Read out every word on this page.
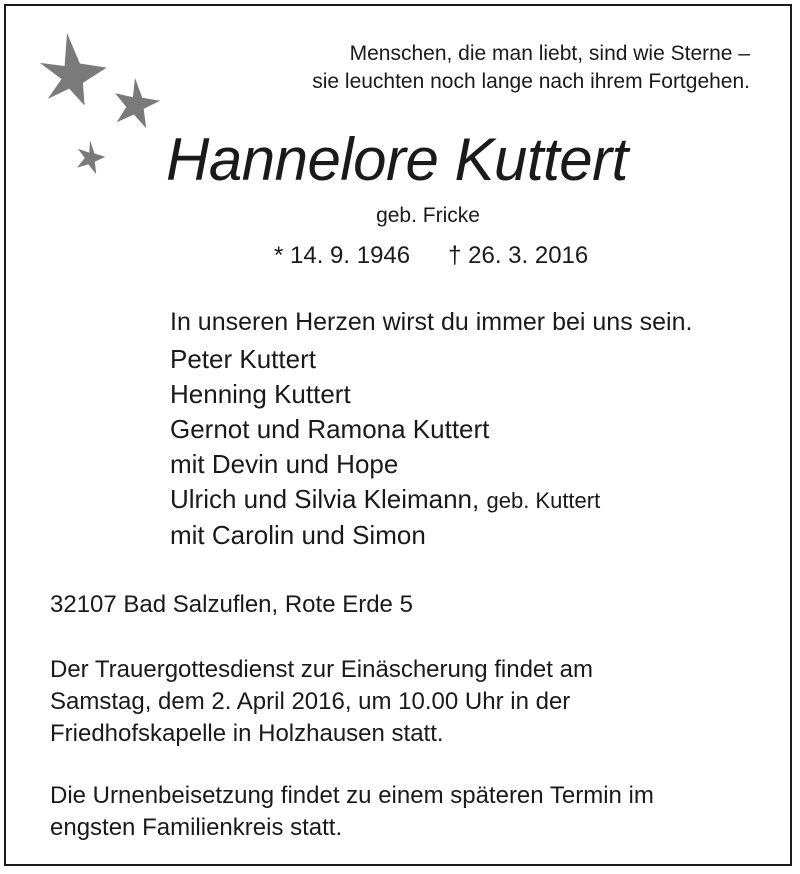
Menschen, die man liebt, sind wie Sterne –
sie leuchten noch lange nach ihrem Fortgehen.
Hannelore Kuttert
geb. Fricke
* 14. 9. 1946 † 26. 3. 2016
In unseren Herzen wirst du immer bei uns sein.
Peter Kuttert
Henning Kuttert
Gernot und Ramona Kuttert
mit Devin und Hope
Ulrich und Silvia Kleimann, geb. Kuttert
mit Carolin und Simon
32107 Bad Salzuflen, Rote Erde 5
Der Trauergottesdienst zur Einäscherung findet am
Samstag, dem 2. April 2016, um 10.00 Uhr in der
Friedhofskapelle in Holzhausen statt.
Die Urnenbeisetzung findet zu einem späteren Termin im
engsten Familienkreis statt.
